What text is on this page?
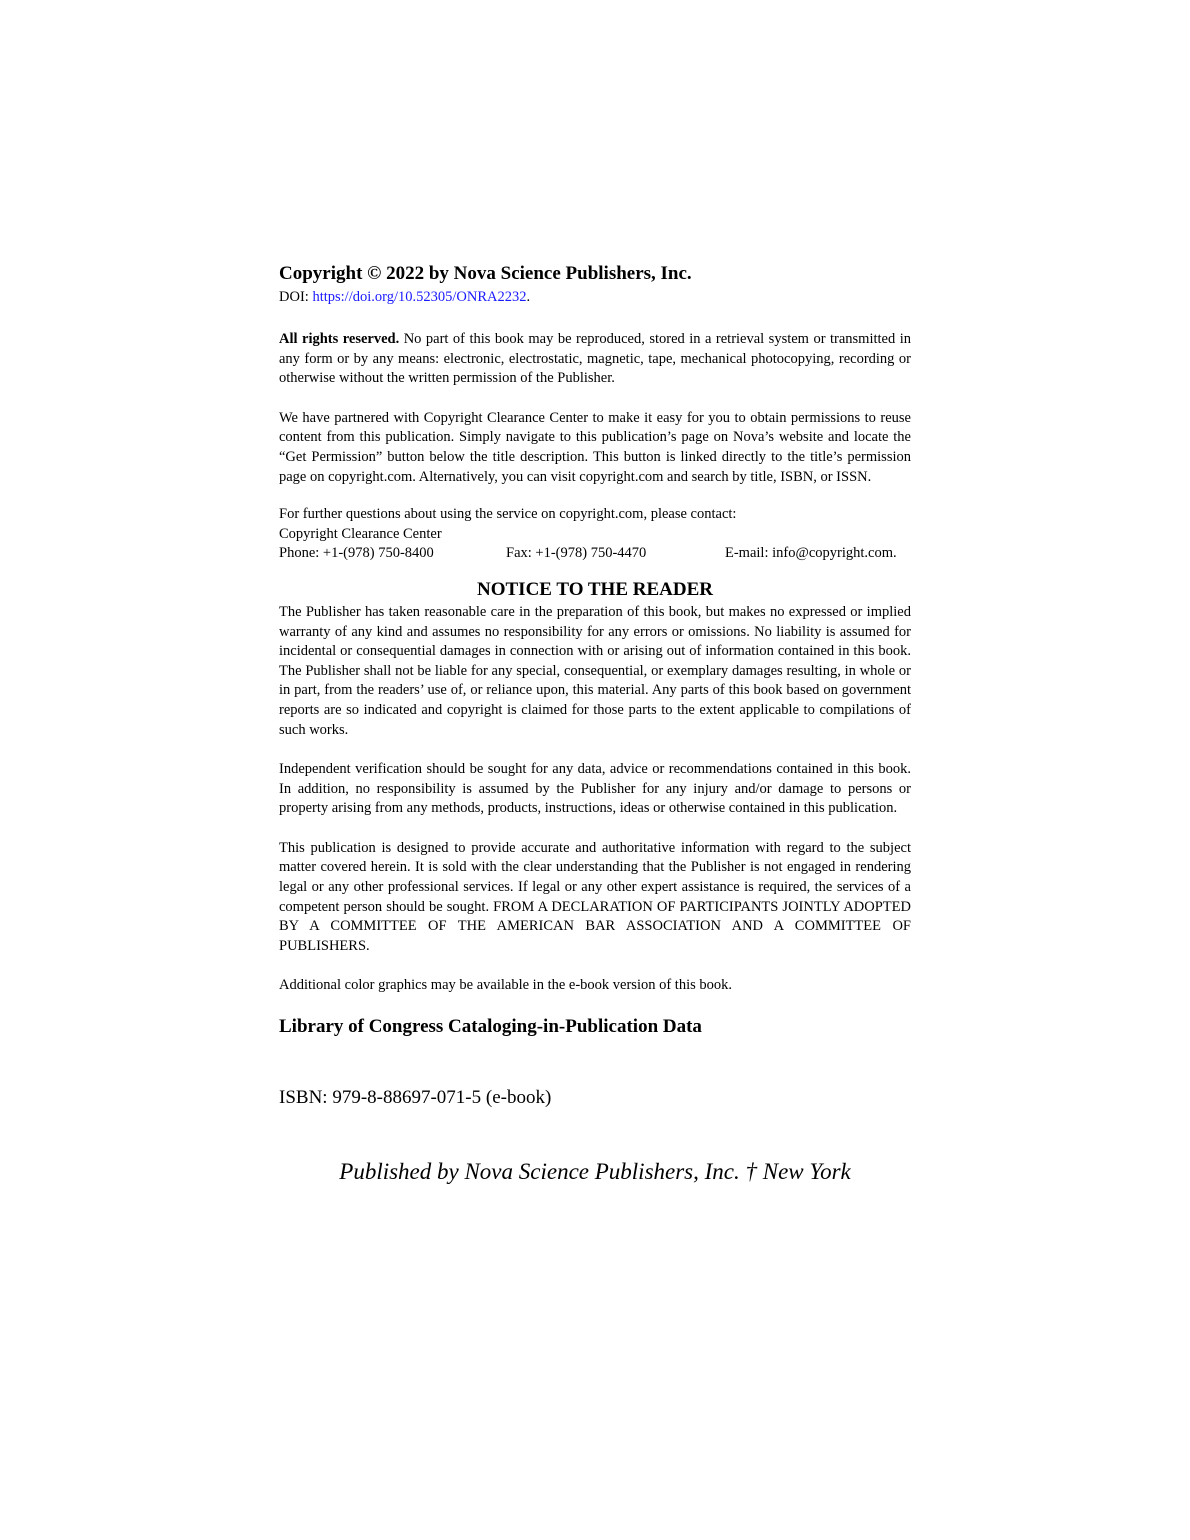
Copyright © 2022 by Nova Science Publishers, Inc.
DOI: https://doi.org/10.52305/ONRA2232.

All rights reserved. No part of this book may be reproduced, stored in a retrieval system or transmitted in any form or by any means: electronic, electrostatic, magnetic, tape, mechanical photocopying, recording or otherwise without the written permission of the Publisher.

We have partnered with Copyright Clearance Center to make it easy for you to obtain permissions to reuse content from this publication. Simply navigate to this publication’s page on Nova’s website and locate the “Get Permission” button below the title description. This button is linked directly to the title’s permission page on copyright.com. Alternatively, you can visit copyright.com and search by title, ISBN, or ISSN.

For further questions about using the service on copyright.com, please contact:

Copyright Clearance Center

Phone: +1-(978) 750-8400	Fax: +1-(978) 750-4470	E-mail: info@copyright.com.
NOTICE TO THE READER

The Publisher has taken reasonable care in the preparation of this book, but makes no expressed or implied warranty of any kind and assumes no responsibility for any errors or omissions. No liability is assumed for incidental or consequential damages in connection with or arising out of information contained in this book. The Publisher shall not be liable for any special, consequential, or exemplary damages resulting, in whole or in part, from the readers’ use of, or reliance upon, this material. Any parts of this book based on government reports are so indicated and copyright is claimed for those parts to the extent applicable to compilations of such works.

Independent verification should be sought for any data, advice or recommendations contained in this book. In addition, no responsibility is assumed by the Publisher for any injury and/or damage to persons or property arising from any methods, products, instructions, ideas or otherwise contained in this publication.

This publication is designed to provide accurate and authoritative information with regard to the subject matter covered herein. It is sold with the clear understanding that the Publisher is not engaged in rendering legal or any other professional services. If legal or any other expert assistance is required, the services of a competent person should be sought. FROM A DECLARATION OF PARTICIPANTS JOINTLY ADOPTED BY A COMMITTEE OF THE AMERICAN BAR ASSOCIATION AND A COMMITTEE OF PUBLISHERS.

Additional color graphics may be available in the e-book version of this book.

Library of Congress Cataloging-in-Publication Data
ISBN: 979-8-88697-071-5 (e-book)
Published by Nova Science Publishers, Inc. † New York
